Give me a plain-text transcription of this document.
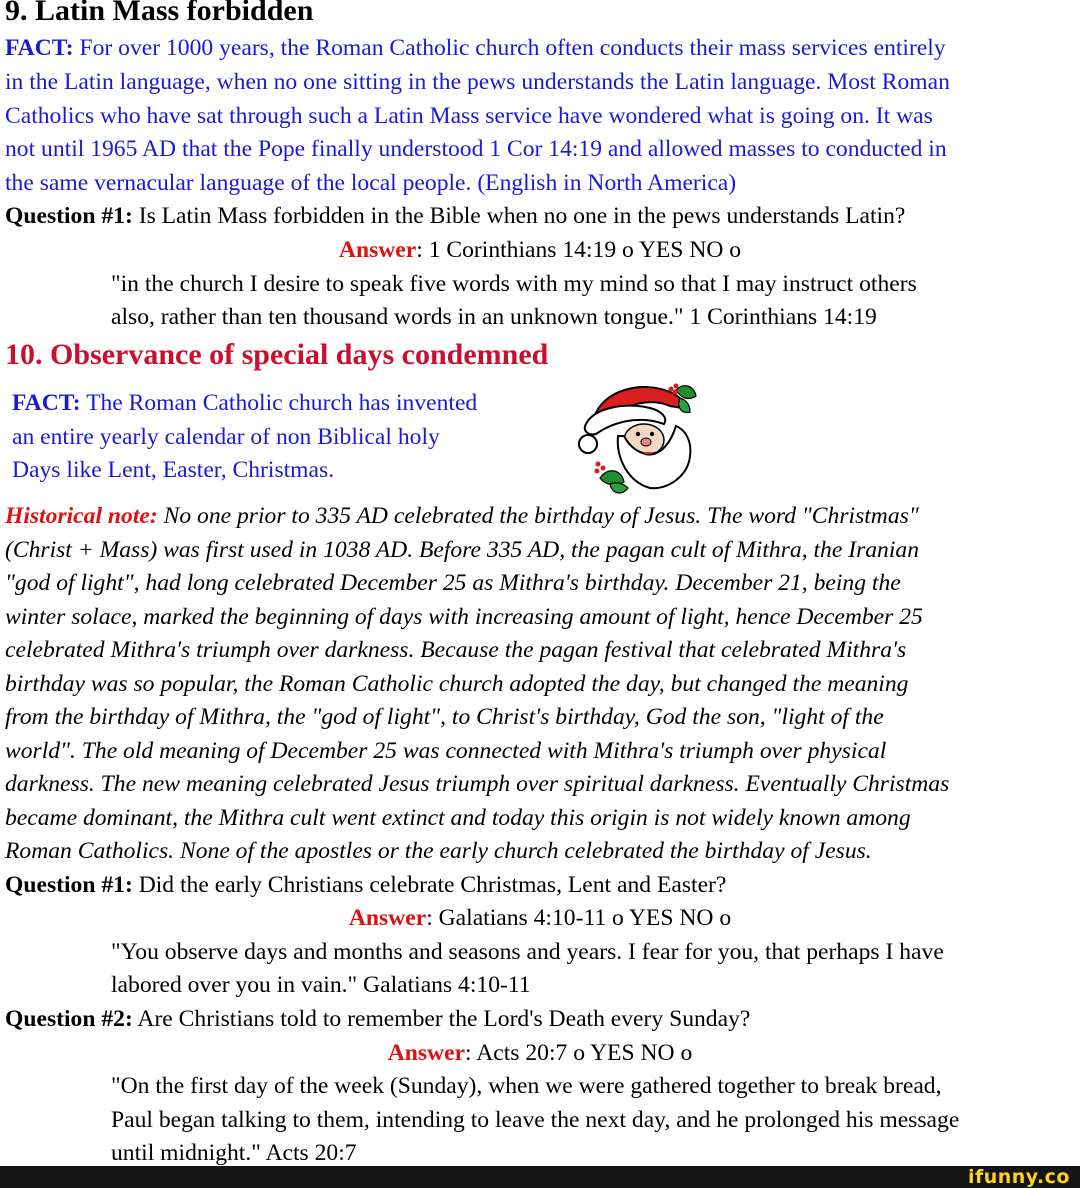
9. Latin Mass forbidden
FACT: For over 1000 years, the Roman Catholic church often conducts their mass services entirely
in the Latin language, when no one sitting in the pews understands the Latin language. Most Roman
Catholics who have sat through such a Latin Mass service have wondered what is going on. It was
not until 1965 AD that the Pope finally understood 1 Cor 14:19 and allowed masses to conducted in
the same vernacular language of the local people. (English in North America)
Question #1: Is Latin Mass forbidden in the Bible when no one in the pews understands Latin?
Answer: 1 Corinthians 14:19 o YES NO o
"in the church I desire to speak five words with my mind so that I may instruct others
also, rather than ten thousand words in an unknown tongue." 1 Corinthians 14:19
10. Observance of special days condemned
FACT: The Roman Catholic church has invented
an entire yearly calendar of non Biblical holy
Days like Lent, Easter, Christmas.
Historical note: No one prior to 335 AD celebrated the birthday of Jesus. The word "Christmas"
(Christ + Mass) was first used in 1038 AD. Before 335 AD, the pagan cult of Mithra, the Iranian
"god of light", had long celebrated December 25 as Mithra's birthday. December 21, being the
winter solace, marked the beginning of days with increasing amount of light, hence December 25
celebrated Mithra's triumph over darkness. Because the pagan festival that celebrated Mithra's
birthday was so popular, the Roman Catholic church adopted the day, but changed the meaning
from the birthday of Mithra, the "god of light", to Christ's birthday, God the son, "light of the
world". The old meaning of December 25 was connected with Mithra's triumph over physical
darkness. The new meaning celebrated Jesus triumph over spiritual darkness. Eventually Christmas
became dominant, the Mithra cult went extinct and today this origin is not widely known among
Roman Catholics. None of the apostles or the early church celebrated the birthday of Jesus.
Question #1: Did the early Christians celebrate Christmas, Lent and Easter?
Answer: Galatians 4:10-11 o YES NO o
"You observe days and months and seasons and years. I fear for you, that perhaps I have
labored over you in vain." Galatians 4:10-11
Question #2: Are Christians told to remember the Lord's Death every Sunday?
Answer: Acts 20:7 o YES NO o
"On the first day of the week (Sunday), when we were gathered together to break bread,
Paul began talking to them, intending to leave the next day, and he prolonged his message
until midnight." Acts 20:7
ifunny.co
